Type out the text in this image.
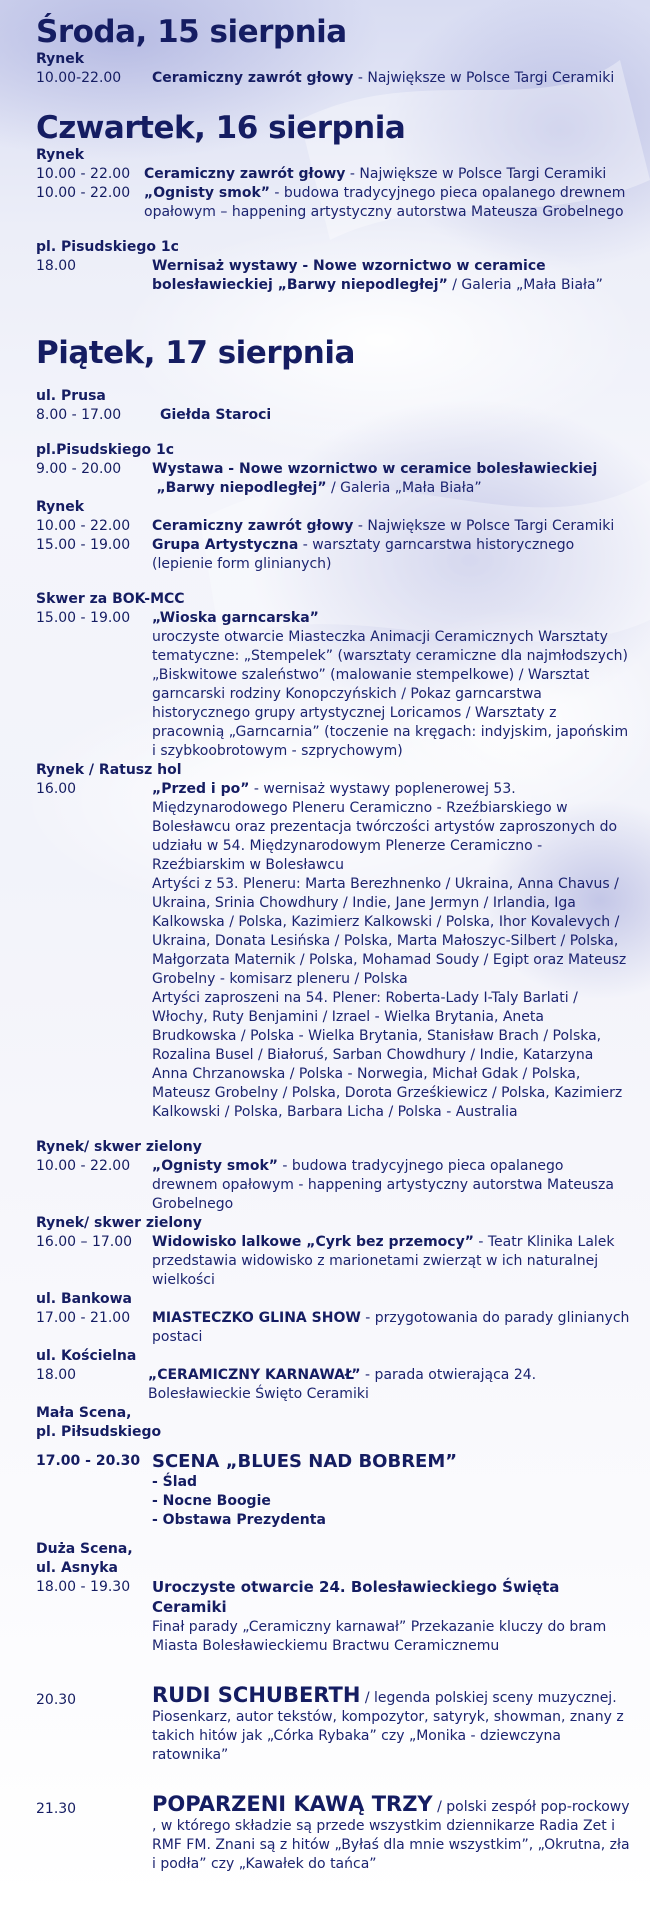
Środa, 15 sierpnia
Rynek
10.00-22.00	Ceramiczny zawrót głowy - Największe w Polsce Targi Ceramiki
Czwartek, 16 sierpnia
Rynek
10.00 - 22.00 Ceramiczny zawrót głowy - Największe w Polsce Targi Ceramiki
10.00 - 22.00 „Ognisty smok” - budowa tradycyjnego pieca opalanego drewnem opałowym – happening artystyczny autorstwa Mateusza Grobelnego
pl. Pisudskiego 1c
18.00	Wernisaż wystawy - Nowe wzornictwo w ceramice bolesławieckiej „Barwy niepodległej” / Galeria „Mała Biała”
Piątek, 17 sierpnia
ul. Prusa
8.00 - 17.00	Giełda Staroci
pl.Pisudskiego 1c
9.00 - 20.00	Wystawa - Nowe wzornictwo w ceramice bolesławieckiej
„Barwy niepodległej” / Galeria „Mała Biała”
Rynek
10.00 - 22.00	Ceramiczny zawrót głowy - Największe w Polsce Targi Ceramiki
15.00 - 19.00	Grupa Artystyczna - warsztaty garncarstwa historycznego (lepienie form glinianych)
Skwer za BOK-MCC
15.00 - 19.00	„Wioska garncarska”
uroczyste otwarcie Miasteczka Animacji Ceramicznych Warsztaty tematyczne: „Stempelek” (warsztaty ceramiczne dla najmłodszych) „Biskwitowe szaleństwo” (malowanie stempelkowe) / Warsztat garncarski rodziny Konopczyńskich / Pokaz garncarstwa historycznego grupy artystycznej Loricamos / Warsztaty z pracownią „Garncarnia” (toczenie na kręgach: indyjskim, japońskim i szybkoobrotowym - szprychowym)
Rynek / Ratusz hol
16.00	„Przed i po” - wernisaż wystawy poplenerowej 53. Międzynarodowego Pleneru Ceramiczno - Rzeźbiarskiego w Bolesławcu oraz prezentacja twórczości artystów zaproszonych do udziału w 54. Międzynarodowym Plenerze Ceramiczno - Rzeźbiarskim w Bolesławcu
Artyści z 53. Pleneru: Marta Berezhnenko / Ukraina, Anna Chavus / Ukraina, Srinia Chowdhury / Indie, Jane Jermyn / Irlandia, Iga Kalkowska / Polska, Kazimierz Kalkowski / Polska, Ihor Kovalevych / Ukraina, Donata Lesińska / Polska, Marta Małoszyc-Silbert / Polska, Małgorzata Maternik / Polska, Mohamad Soudy / Egipt oraz Mateusz Grobelny - komisarz pleneru / Polska
Artyści zaproszeni na 54. Plener: Roberta-Lady I-Taly Barlati / Włochy, Ruty Benjamini / Izrael - Wielka Brytania, Aneta Brudkowska / Polska - Wielka Brytania, Stanisław Brach / Polska, Rozalina Busel / Białoruś, Sarban Chowdhury / Indie, Katarzyna Anna Chrzanowska / Polska - Norwegia, Michał Gdak / Polska, Mateusz Grobelny / Polska, Dorota Grześkiewicz / Polska, Kazimierz Kalkowski / Polska, Barbara Licha / Polska - Australia
Rynek/ skwer zielony
10.00 - 22.00	„Ognisty smok” - budowa tradycyjnego pieca opalanego drewnem opałowym - happening artystyczny autorstwa Mateusza Grobelnego
Rynek/ skwer zielony
16.00 – 17.00	Widowisko lalkowe „Cyrk bez przemocy” - Teatr Klinika Lalek przedstawia widowisko z marionetami zwierząt w ich naturalnej wielkości
ul. Bankowa
17.00 - 21.00	MIASTECZKO GLINA SHOW - przygotowania do parady glinianych postaci
ul. Kościelna
18.00	„CERAMICZNY KARNAWAŁ” - parada otwierająca 24. Bolesławieckie Święto Ceramiki
Mała Scena,
pl. Piłsudskiego
17.00 - 20.30 SCENA „BLUES NAD BOBREM”
- Ślad
- Nocne Boogie
- Obstawa Prezydenta
Duża Scena,
ul. Asnyka
18.00 - 19.30	Uroczyste otwarcie 24. Bolesławieckiego Święta Ceramiki
Finał parady „Ceramiczny karnawał” Przekazanie kluczy do bram Miasta Bolesławieckiemu Bractwu Ceramicznemu
20.30	RUDI SCHUBERTH / legenda polskiej sceny muzycznej. Piosenkarz, autor tekstów, kompozytor, satyryk, showman, znany z takich hitów jak „Córka Rybaka” czy „Monika - dziewczyna ratownika”
21.30	POPARZENI KAWĄ TRZY / polski zespół pop-rockowy , w którego składzie są przede wszystkim dziennikarze Radia Zet i RMF FM. Znani są z hitów „Byłaś dla mnie wszystkim”, „Okrutna, zła i podła” czy „Kawałek do tańca”
